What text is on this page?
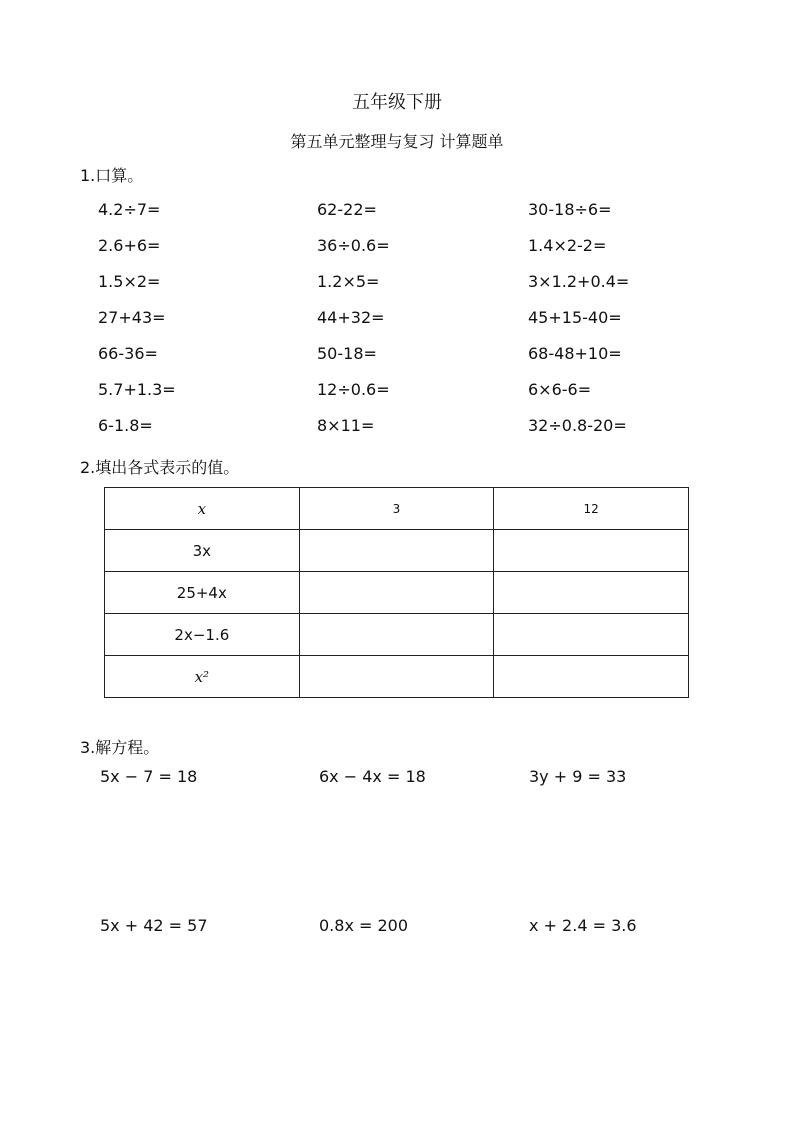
五年级下册
第五单元整理与复习 计算题单
1.口算。
4.2÷7=	62-22=	30-18÷6=
2.6+6=	36÷0.6=	1.4×2-2=
1.5×2=	1.2×5=	3×1.2+0.4=
27+43=	44+32=	45+15-40=
66-36=	50-18=	68-48+10=
5.7+1.3=	12÷0.6=	6×6-6=
6-1.8=	8×11=	32÷0.8-20=
2.填出各式表示的值。
x	3	12
3x		
25+4x		
2x−1.6		
x²		
3.解方程。
5x − 7 = 18	6x − 4x = 18	3y + 9 = 33
5x + 42 = 57	0.8x = 200	x + 2.4 = 3.6
